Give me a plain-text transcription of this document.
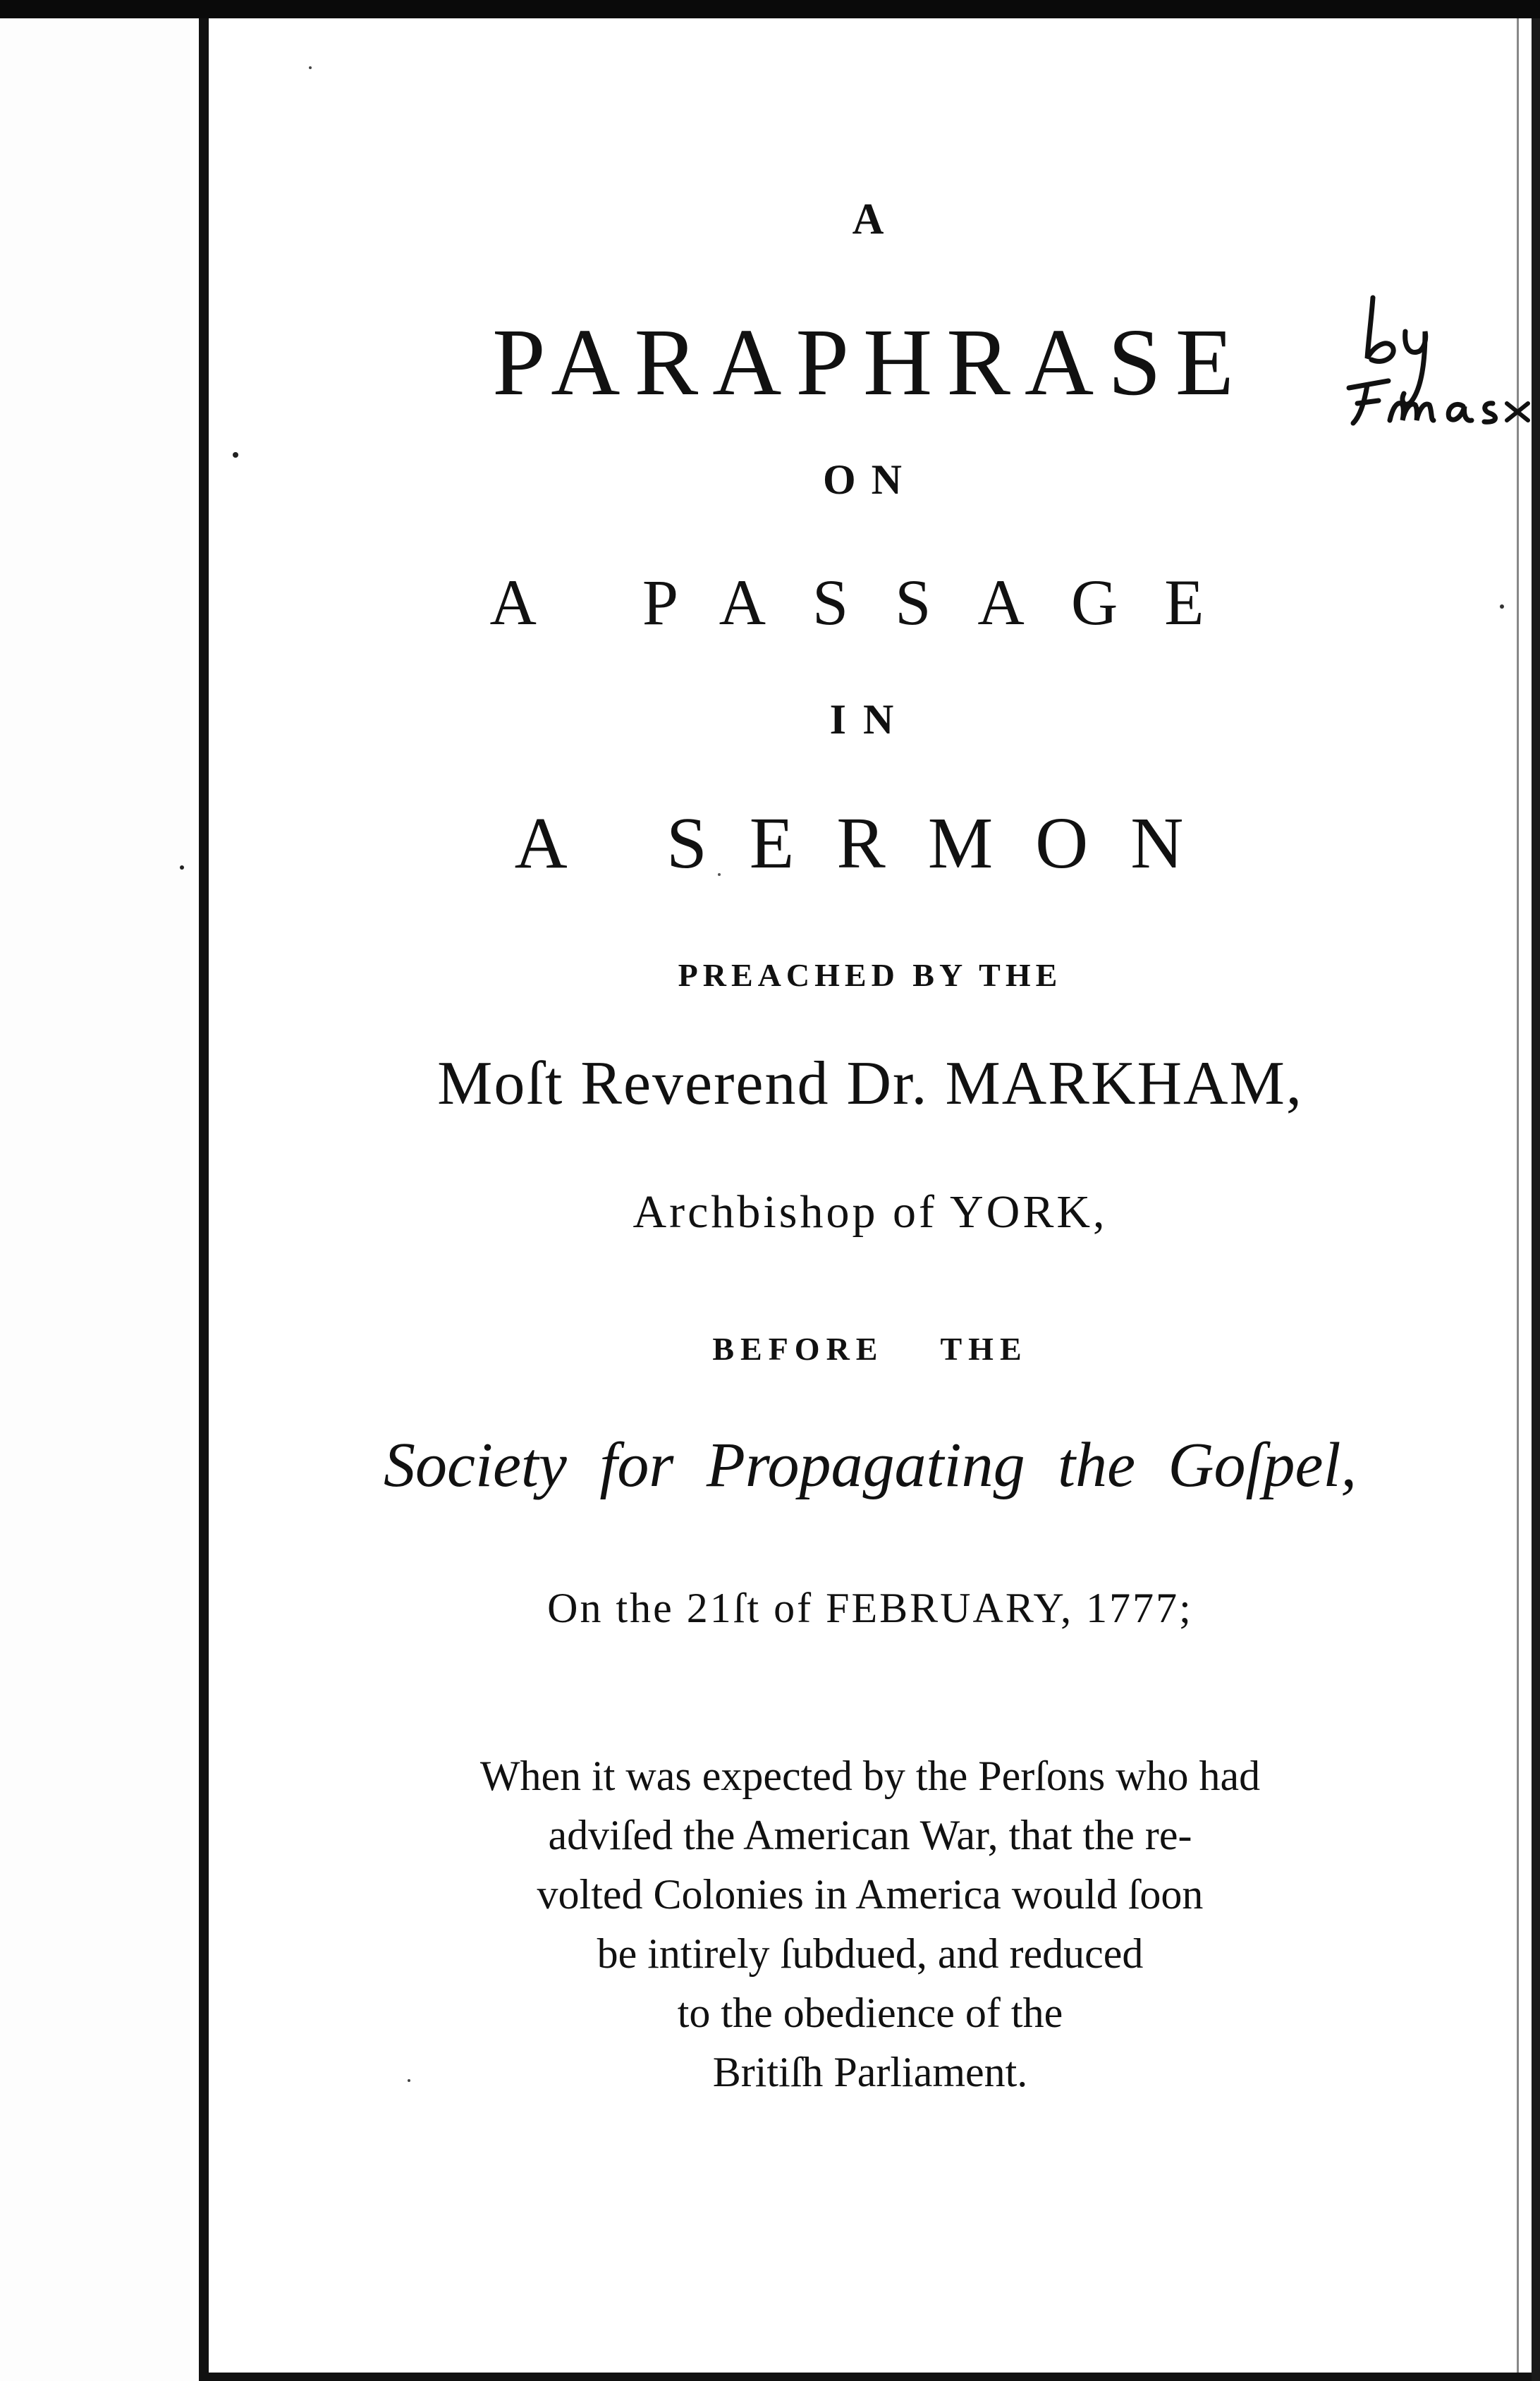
A
PARAPHRASE
ON
A PASSAGE
IN
A SERMON
PREACHED BY THE
Moſt Reverend Dr. MARKHAM,
Archbishop of YORK,
BEFORE THE
Society for Propagating the Goſpel,
On the 21ſt of FEBRUARY, 1777;
When it was expected by the Perſons who had
adviſed the American War, that the re-
volted Colonies in America would ſoon
be intirely ſubdued, and reduced
to the obedience of the
Britiſh Parliament.
